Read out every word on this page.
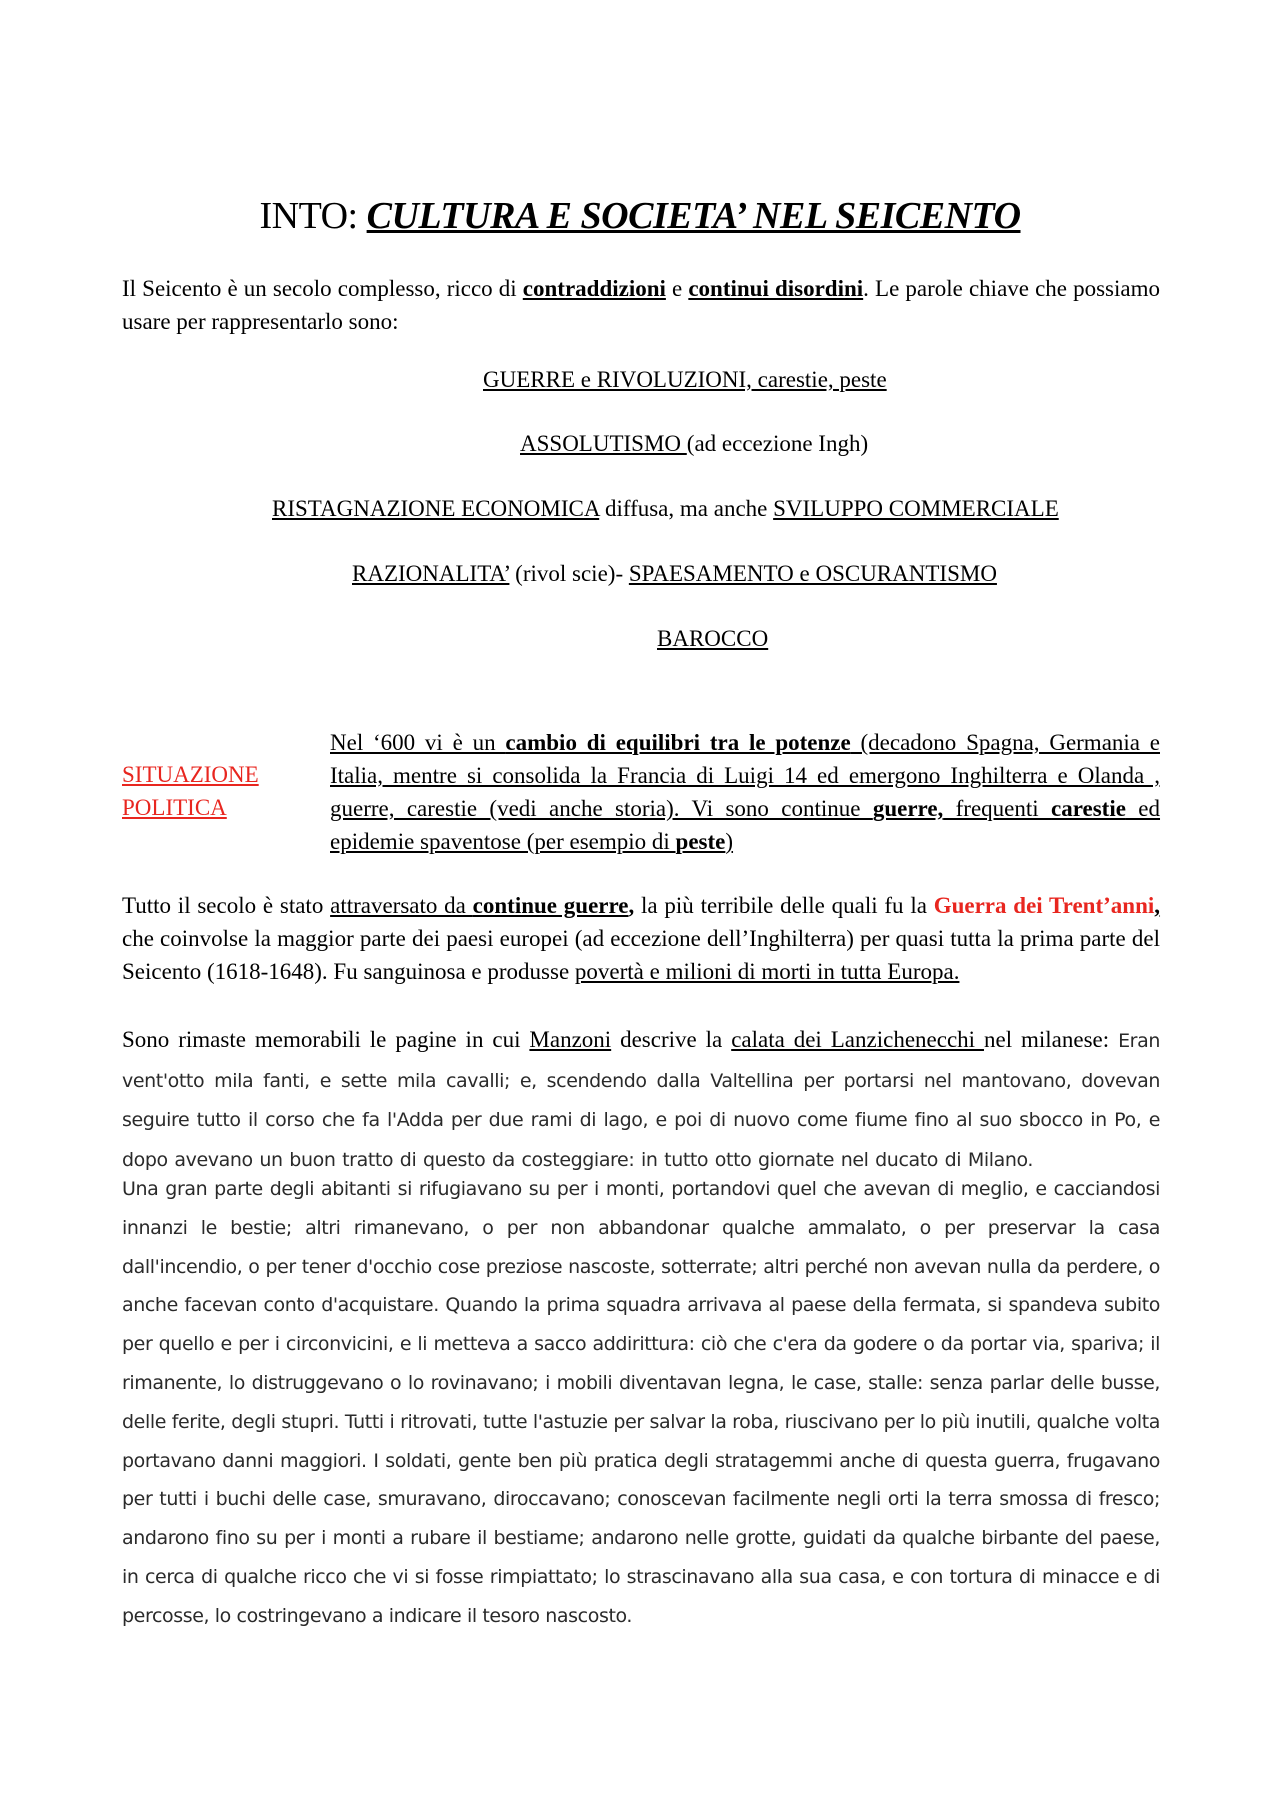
INTO: CULTURA E SOCIETA’ NEL SEICENTO

Il Seicento è un secolo complesso, ricco di contraddizioni e continui disordini. Le parole chiave che possiamo usare per rappresentarlo sono:

GUERRE e RIVOLUZIONI, carestie, peste
ASSOLUTISMO (ad eccezione Ingh)
RISTAGNAZIONE ECONOMICA diffusa, ma anche SVILUPPO COMMERCIALE
RAZIONALITA’ (rivol scie)- SPAESAMENTO e OSCURANTISMO
BAROCCO
SITUAZIONE POLITICA

Nel ‘600 vi è un cambio di equilibri tra le potenze (decadono Spagna, Germania e Italia, mentre si consolida la Francia di Luigi 14 ed emergono Inghilterra e Olanda , guerre, carestie (vedi anche storia). Vi sono continue guerre, frequenti carestie ed epidemie spaventose (per esempio di peste)

Tutto il secolo è stato attraversato da continue guerre, la più terribile delle quali fu la Guerra dei Trent’anni, che coinvolse la maggior parte dei paesi europei (ad eccezione dell’Inghilterra) per quasi tutta la prima parte del Seicento (1618-1648). Fu sanguinosa e produsse povertà e milioni di morti in tutta Europa.

Sono rimaste memorabili le pagine in cui Manzoni descrive la calata dei Lanzichenecchi nel milanese: Eran vent'otto mila fanti, e sette mila cavalli; e, scendendo dalla Valtellina per portarsi nel mantovano, dovevan seguire tutto il corso che fa l'Adda per due rami di lago, e poi di nuovo come fiume fino al suo sbocco in Po, e dopo avevano un buon tratto di questo da costeggiare: in tutto otto giornate nel ducato di Milano.

Una gran parte degli abitanti si rifugiavano su per i monti, portandovi quel che avevan di meglio, e cacciandosi innanzi le bestie; altri rimanevano, o per non abbandonar qualche ammalato, o per preservar la casa dall'incendio, o per tener d'occhio cose preziose nascoste, sotterrate; altri perché non avevan nulla da perdere, o anche facevan conto d'acquistare. Quando la prima squadra arrivava al paese della fermata, si spandeva subito per quello e per i circonvicini, e li metteva a sacco addirittura: ciò che c'era da godere o da portar via, spariva; il rimanente, lo distruggevano o lo rovinavano; i mobili diventavan legna, le case, stalle: senza parlar delle busse, delle ferite, degli stupri. Tutti i ritrovati, tutte l'astuzie per salvar la roba, riuscivano per lo più inutili, qualche volta portavano danni maggiori. I soldati, gente ben più pratica degli stratagemmi anche di questa guerra, frugavano per tutti i buchi delle case, smuravano, diroccavano; conoscevan facilmente negli orti la terra smossa di fresco; andarono fino su per i monti a rubare il bestiame; andarono nelle grotte, guidati da qualche birbante del paese, in cerca di qualche ricco che vi si fosse rimpiattato; lo strascinavano alla sua casa, e con tortura di minacce e di percosse, lo costringevano a indicare il tesoro nascosto.
